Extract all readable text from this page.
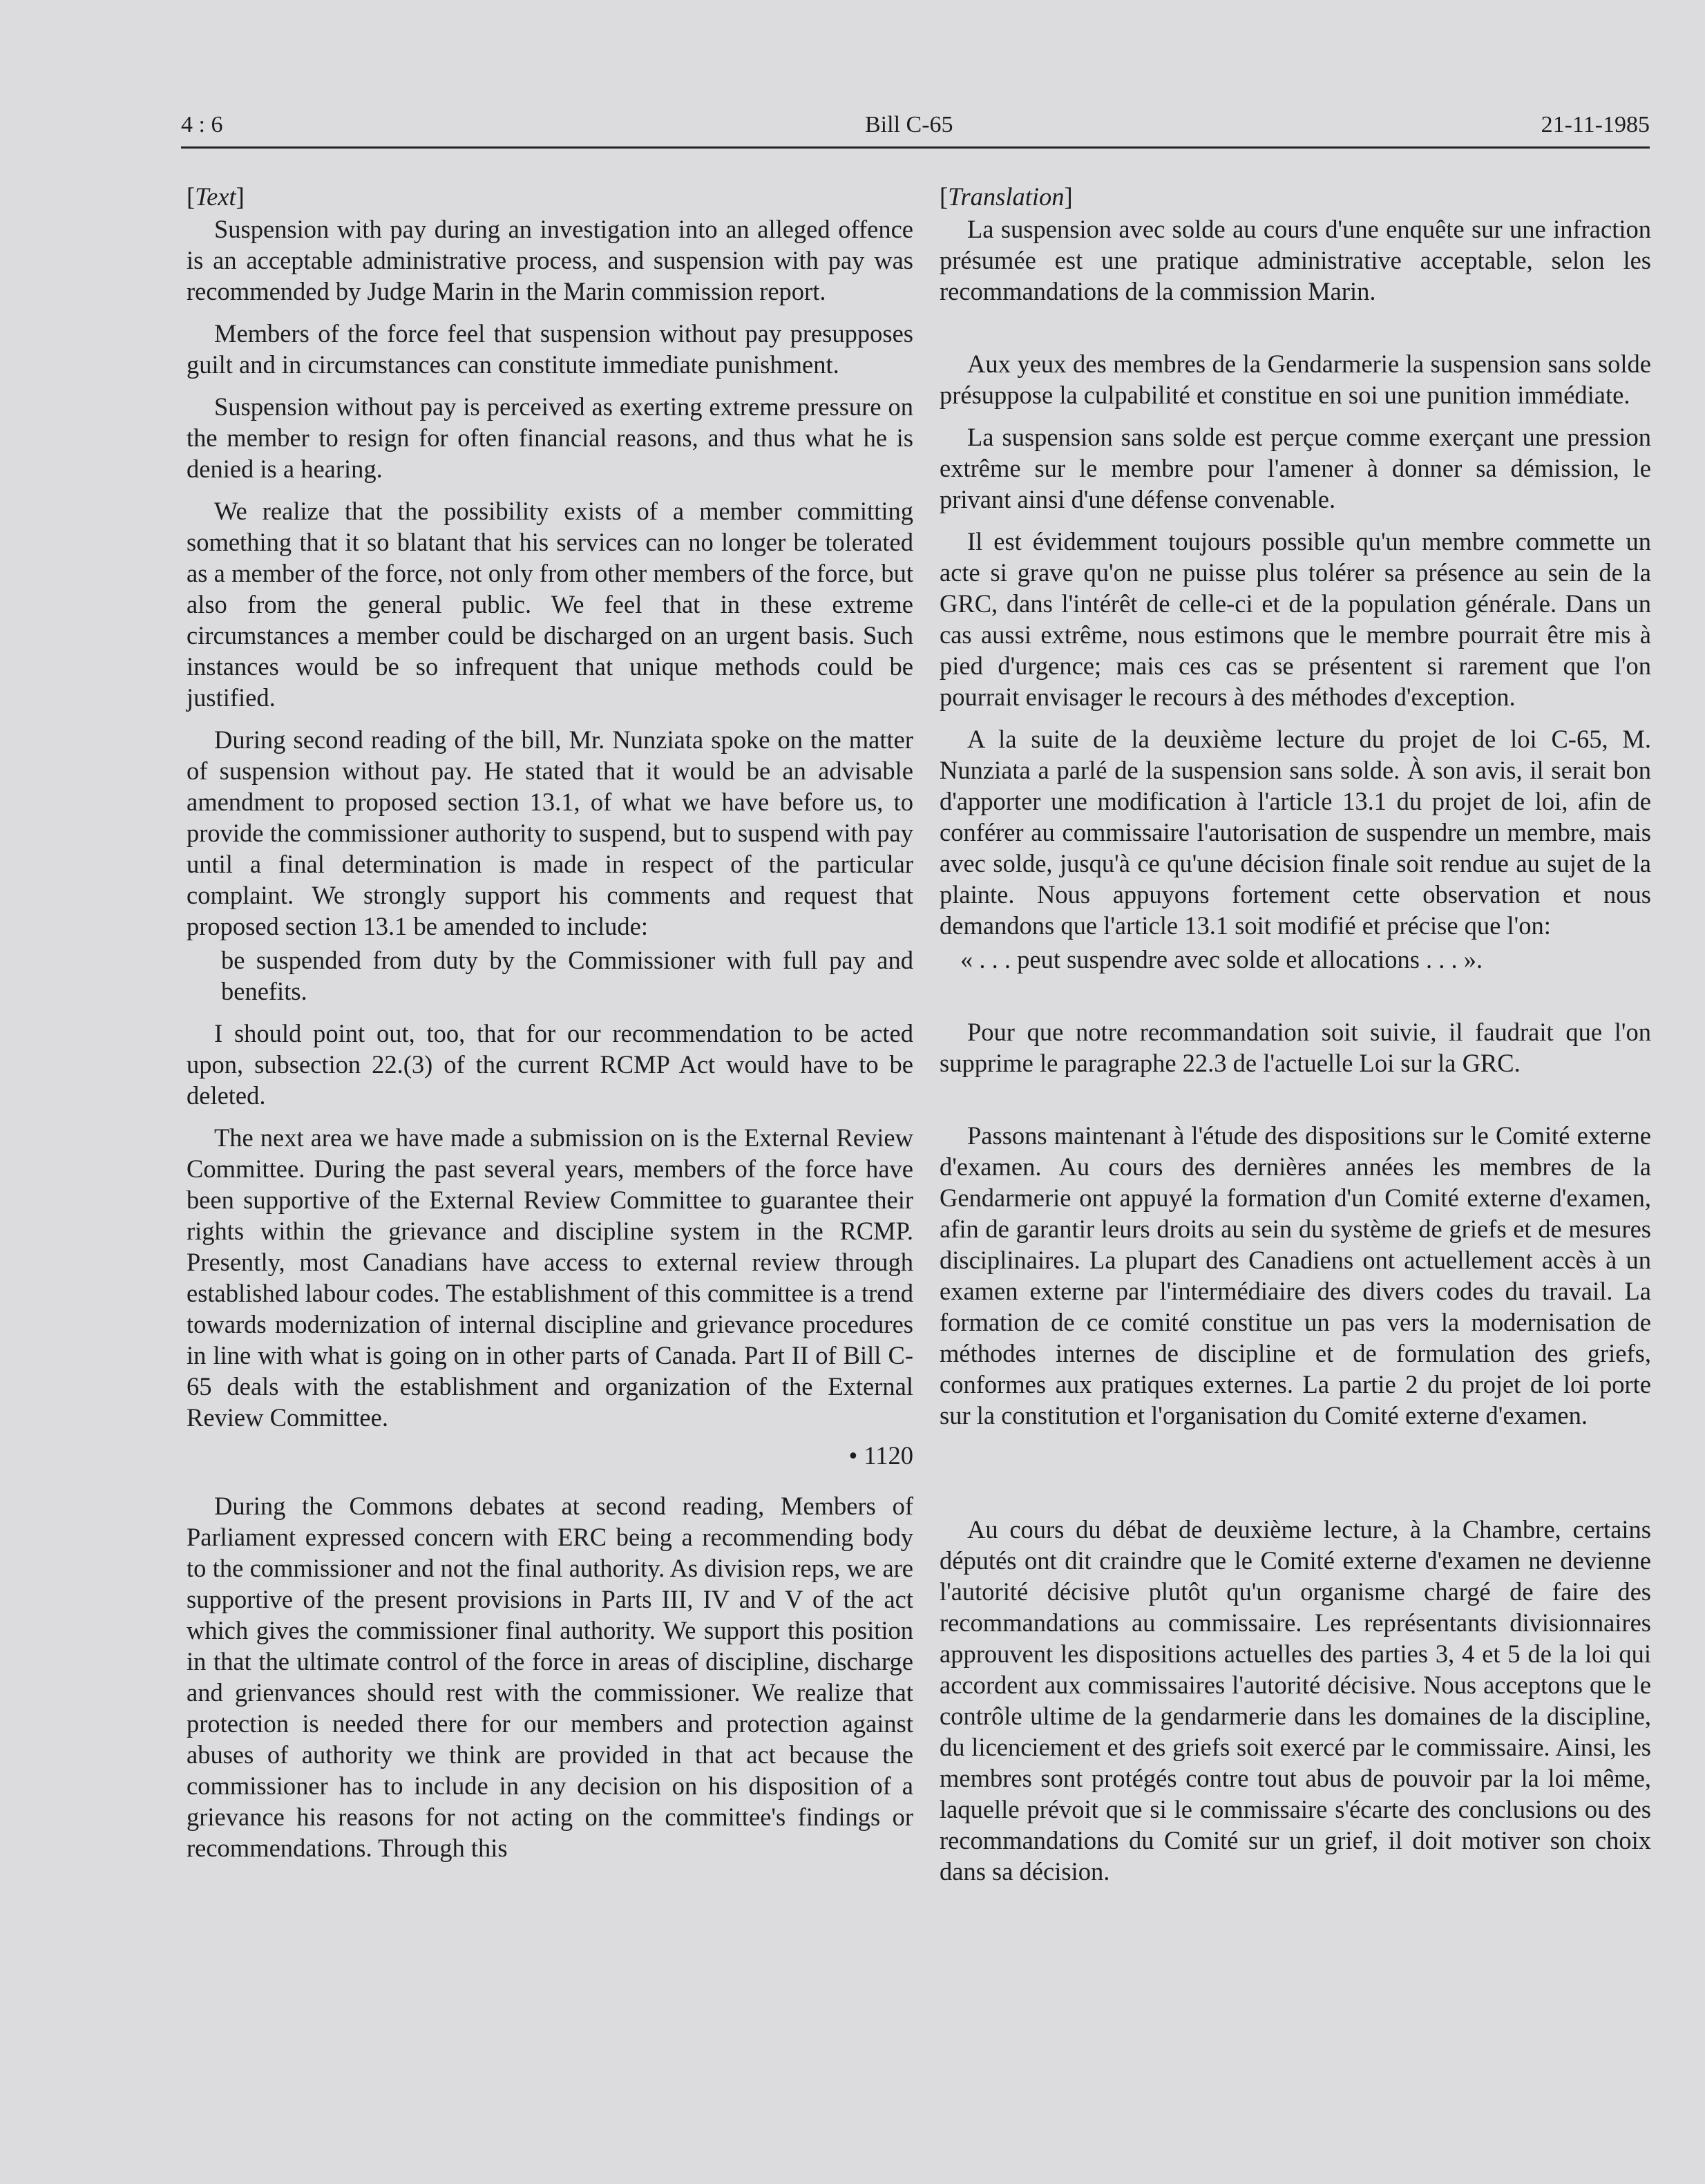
4 : 6	Bill C-65	21-11-1985

[Text]

Suspension with pay during an investigation into an alleged offence is an acceptable administrative process, and suspension with pay was recommended by Judge Marin in the Marin commission report.

Members of the force feel that suspension without pay presupposes guilt and in circumstances can constitute immediate punishment.

Suspension without pay is perceived as exerting extreme pressure on the member to resign for often financial reasons, and thus what he is denied is a hearing.

We realize that the possibility exists of a member committing something that it so blatant that his services can no longer be tolerated as a member of the force, not only from other members of the force, but also from the general public. We feel that in these extreme circumstances a member could be discharged on an urgent basis. Such instances would be so infrequent that unique methods could be justified.

During second reading of the bill, Mr. Nunziata spoke on the matter of suspension without pay. He stated that it would be an advisable amendment to proposed section 13.1, of what we have before us, to provide the commissioner authority to suspend, but to suspend with pay until a final determination is made in respect of the particular complaint. We strongly support his comments and request that proposed section 13.1 be amended to include:

be suspended from duty by the Commissioner with full pay and benefits.

I should point out, too, that for our recommendation to be acted upon, subsection 22.(3) of the current RCMP Act would have to be deleted.

The next area we have made a submission on is the External Review Committee. During the past several years, members of the force have been supportive of the External Review Committee to guarantee their rights within the grievance and discipline system in the RCMP. Presently, most Canadians have access to external review through established labour codes. The establishment of this committee is a trend towards modernization of internal discipline and grievance procedures in line with what is going on in other parts of Canada. Part II of Bill C-65 deals with the establishment and organization of the External Review Committee.

• 1120

During the Commons debates at second reading, Members of Parliament expressed concern with ERC being a recommending body to the commissioner and not the final authority. As division reps, we are supportive of the present provisions in Parts III, IV and V of the act which gives the commissioner final authority. We support this position in that the ultimate control of the force in areas of discipline, discharge and grienvances should rest with the commissioner. We realize that protection is needed there for our members and protection against abuses of authority we think are provided in that act because the commissioner has to include in any decision on his disposition of a grievance his reasons for not acting on the committee's findings or recommendations. Through this

[Translation]

La suspension avec solde au cours d'une enquête sur une infraction présumée est une pratique administrative acceptable, selon les recommandations de la commission Marin.

Aux yeux des membres de la Gendarmerie la suspension sans solde présuppose la culpabilité et constitue en soi une punition immédiate.

La suspension sans solde est perçue comme exerçant une pression extrême sur le membre pour l'amener à donner sa démission, le privant ainsi d'une défense convenable.

Il est évidemment toujours possible qu'un membre commette un acte si grave qu'on ne puisse plus tolérer sa présence au sein de la GRC, dans l'intérêt de celle-ci et de la population générale. Dans un cas aussi extrême, nous estimons que le membre pourrait être mis à pied d'urgence; mais ces cas se présentent si rarement que l'on pourrait envisager le recours à des méthodes d'exception.

A la suite de la deuxième lecture du projet de loi C-65, M. Nunziata a parlé de la suspension sans solde. À son avis, il serait bon d'apporter une modification à l'article 13.1 du projet de loi, afin de conférer au commissaire l'autorisation de suspendre un membre, mais avec solde, jusqu'à ce qu'une décision finale soit rendue au sujet de la plainte. Nous appuyons fortement cette observation et nous demandons que l'article 13.1 soit modifié et précise que l'on:

« . . . peut suspendre avec solde et allocations . . . ».

Pour que notre recommandation soit suivie, il faudrait que l'on supprime le paragraphe 22.3 de l'actuelle Loi sur la GRC.

Passons maintenant à l'étude des dispositions sur le Comité externe d'examen. Au cours des dernières années les membres de la Gendarmerie ont appuyé la formation d'un Comité externe d'examen, afin de garantir leurs droits au sein du système de griefs et de mesures disciplinaires. La plupart des Canadiens ont actuellement accès à un examen externe par l'intermédiaire des divers codes du travail. La formation de ce comité constitue un pas vers la modernisation de méthodes internes de discipline et de formulation des griefs, conformes aux pratiques externes. La partie 2 du projet de loi porte sur la constitution et l'organisation du Comité externe d'examen.

Au cours du débat de deuxième lecture, à la Chambre, certains députés ont dit craindre que le Comité externe d'examen ne devienne l'autorité décisive plutôt qu'un organisme chargé de faire des recommandations au commissaire. Les représentants divisionnaires approuvent les dispositions actuelles des parties 3, 4 et 5 de la loi qui accordent aux commissaires l'autorité décisive. Nous acceptons que le contrôle ultime de la gendarmerie dans les domaines de la discipline, du licenciement et des griefs soit exercé par le commissaire. Ainsi, les membres sont protégés contre tout abus de pouvoir par la loi même, laquelle prévoit que si le commissaire s'écarte des conclusions ou des recommandations du Comité sur un grief, il doit motiver son choix dans sa décision.
